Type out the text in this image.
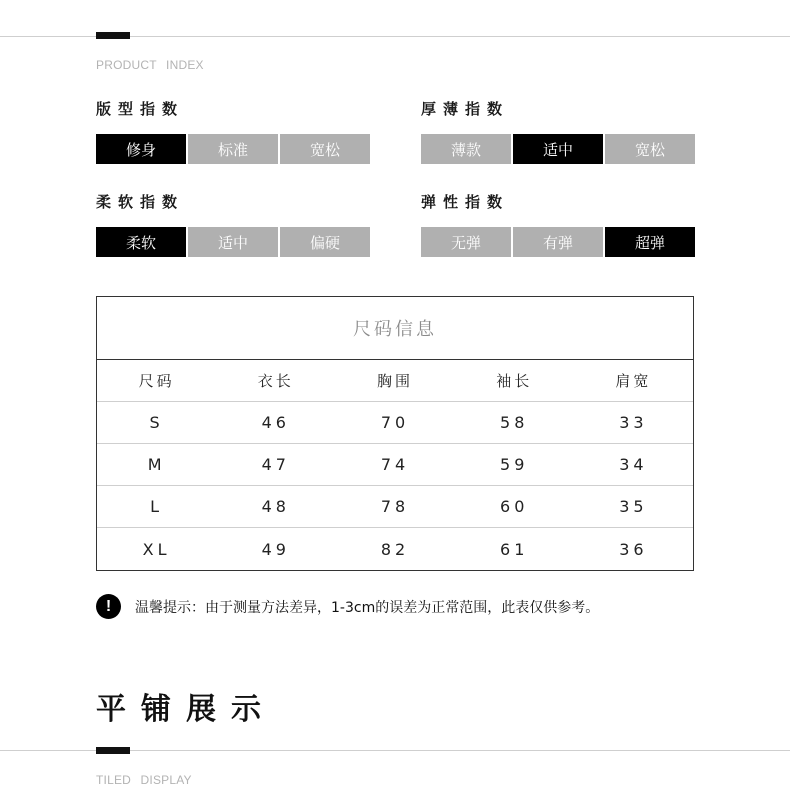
PRODUCT INDEX
版型指数
修身	标准	宽松
厚薄指数
薄款	适中	宽松
柔软指数
柔软	适中	偏硬
弹性指数
无弹	有弹	超弹
尺码信息
尺码	衣长	胸围	袖长	肩宽
S	46	70	58	33
M	47	74	59	34
L	48	78	60	35
XL	49	82	61	36
!	温馨提示：由于测量方法差异，1-3cm的误差为正常范围，此表仅供参考。
平铺展示
TILED DISPLAY
